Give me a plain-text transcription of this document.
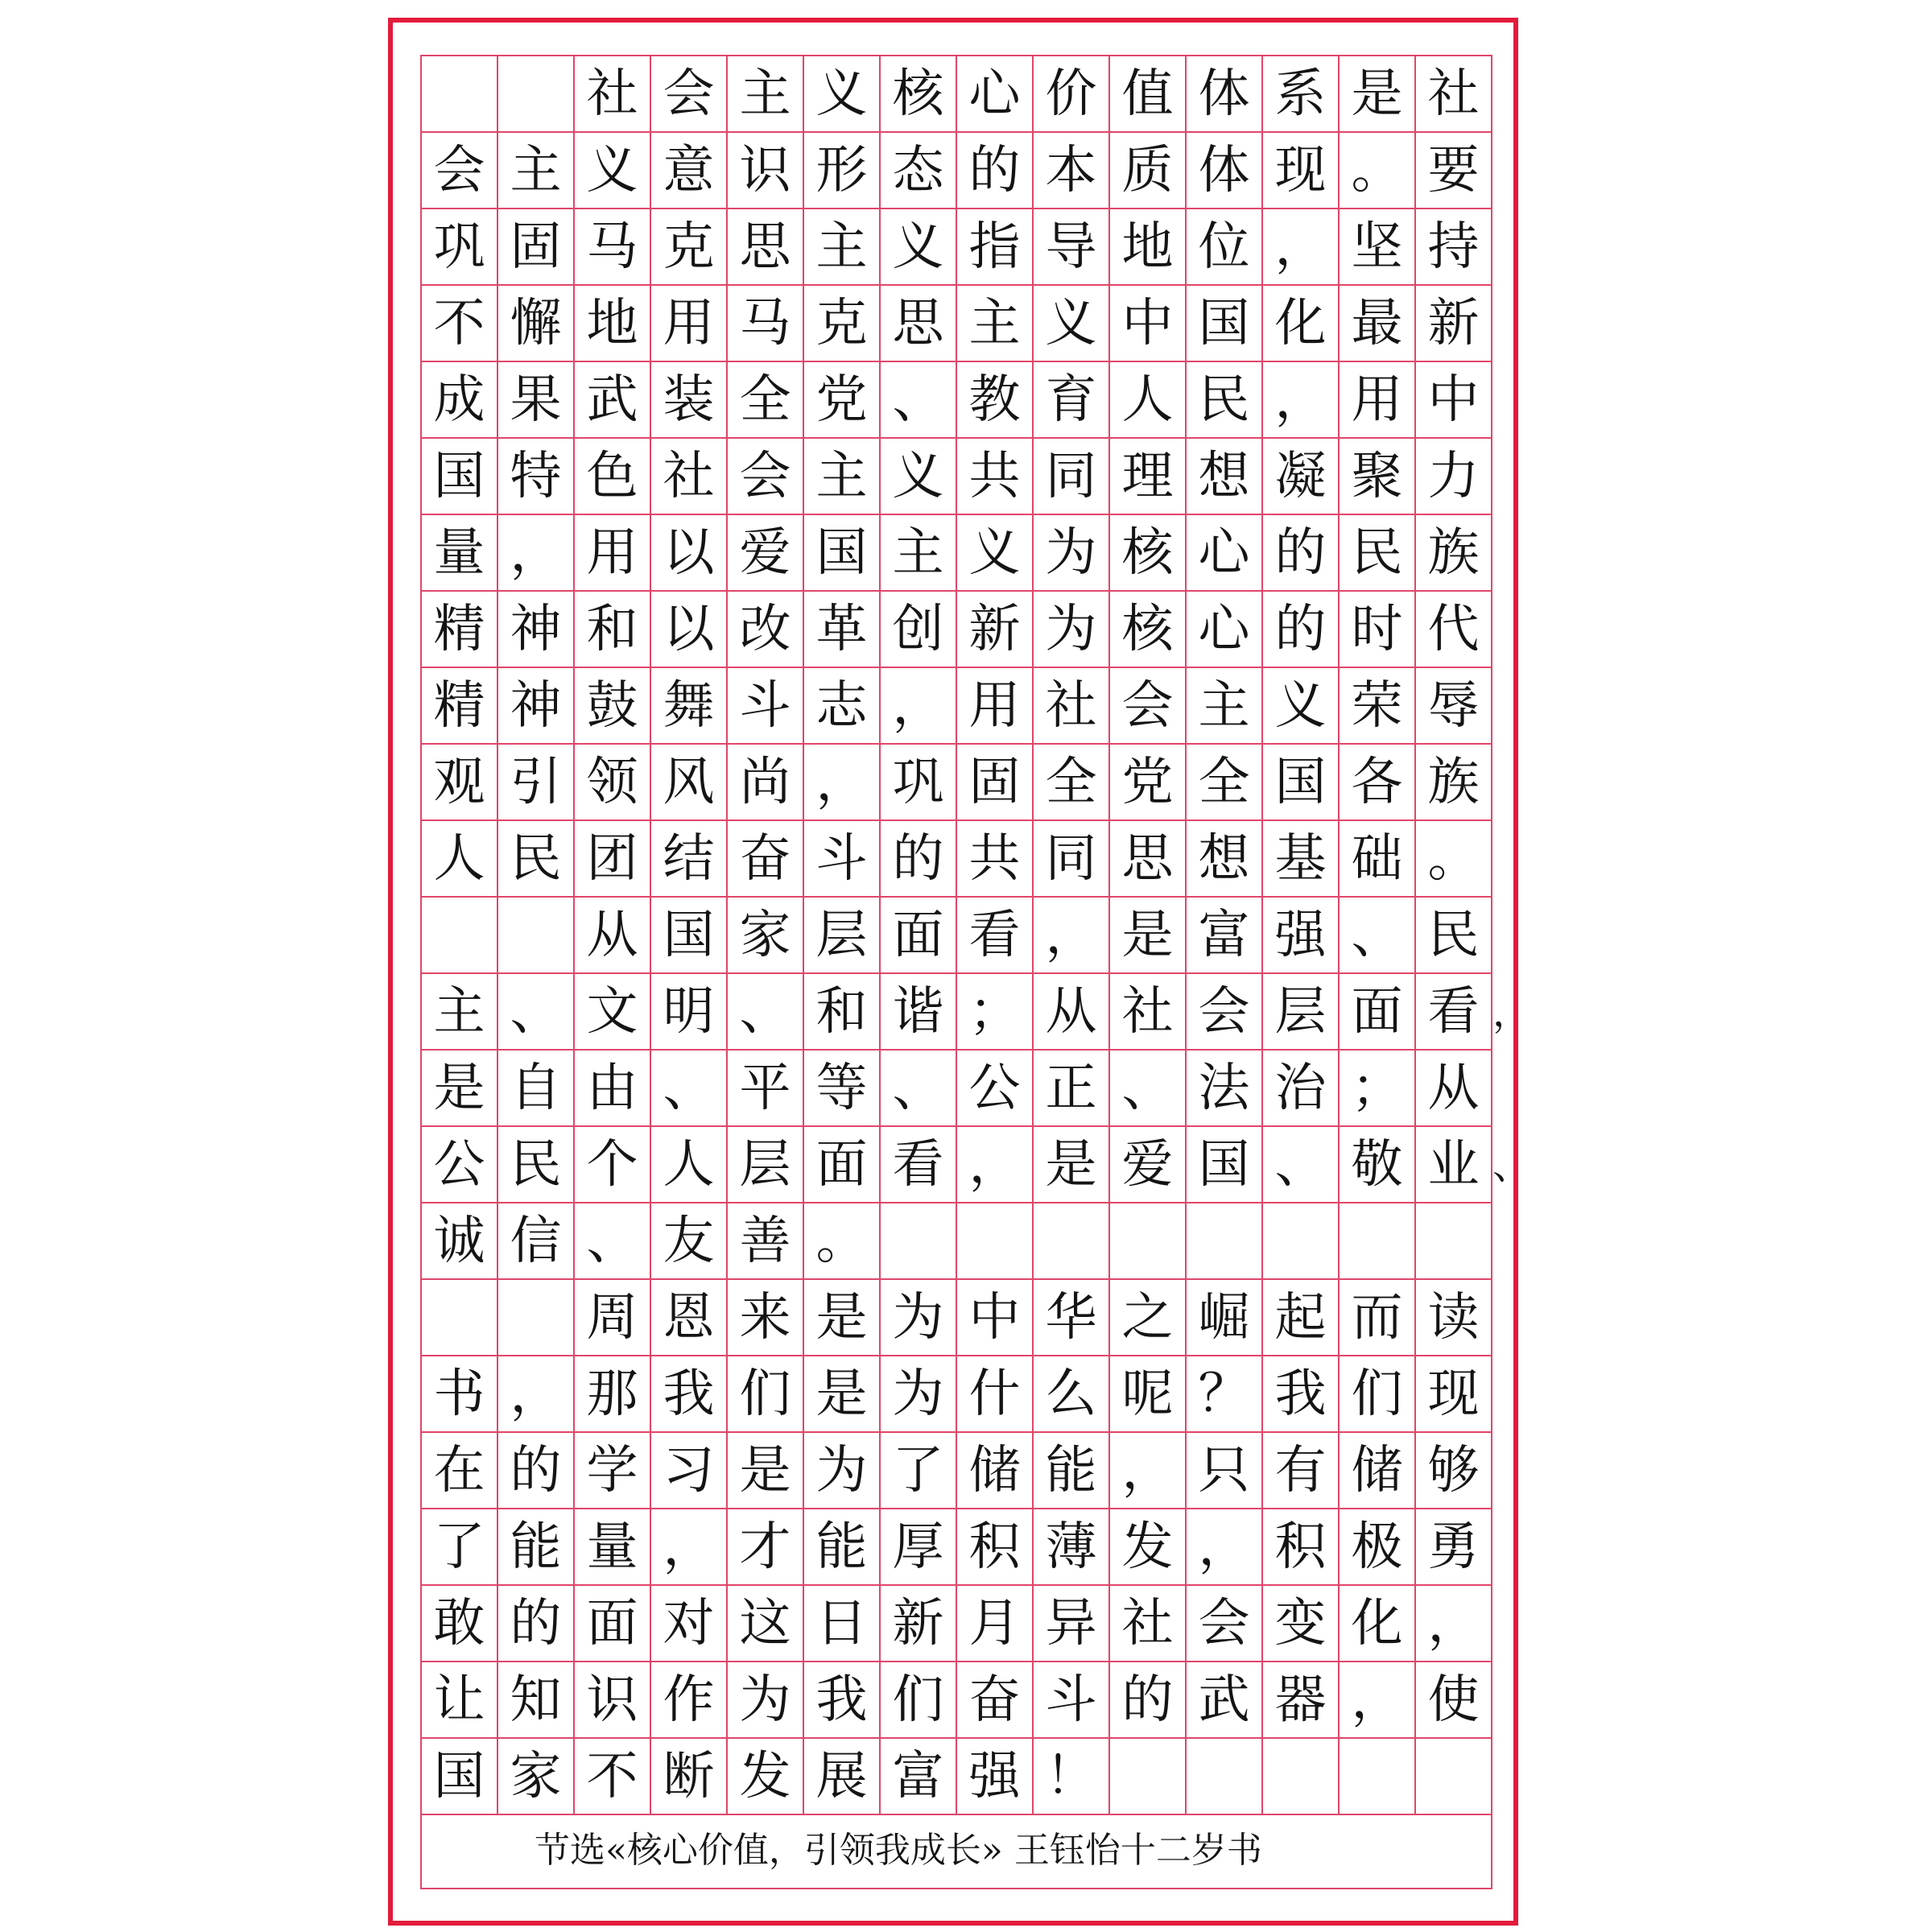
社 会 主 义 核 心 价 值 体 系 是 社
会 主 义 意 识 形 态 的 本 质 体 现 。 要
巩 固 马 克 思 主 义 指 导 地 位 ， 坚 持
不 懈 地 用 马 克 思 主 义 中 国 化 最 新
成 果 武 装 全 党 、 教 育 人 民 ， 用 中
国 特 色 社 会 主 义 共 同 理 想 凝 聚 力
量 ， 用 以 爱 国 主 义 为 核 心 的 民 族
精 神 和 以 改 革 创 新 为 核 心 的 时 代
精 神 鼓 舞 斗 志 ， 用 社 会 主 义 荣 辱
观 引 领 风 尚 ， 巩 固 全 党 全 国 各 族
人 民 团 结 奋 斗 的 共 同 思 想 基 础 。
从 国 家 层 面 看 ， 是 富 强 、 民
主 、 文 明 、 和 谐 ； 从 社 会 层 面 看
是 自 由 、 平 等 、 公 正 、 法 治 ； 从
公 民 个 人 层 面 看 ， 是 爱 国 、 敬 业
诚 信 、 友 善 。
周 恩 来 是 为 中 华 之 崛 起 而 读
书 ， 那 我 们 是 为 什 么 呢 ？ 我 们 现
在 的 学 习 是 为 了 储 能 ， 只 有 储 够
了 能 量 ， 才 能 厚 积 薄 发 ， 积 极 勇
敢 的 面 对 这 日 新 月 异 社 会 变 化 ，
让 知 识 作 为 我 们 奋 斗 的 武 器 ， 使
国 家 不 断 发 展 富 强 ！
，
、
节选«核心价值，引领我成长» 王钰怡十二岁书
